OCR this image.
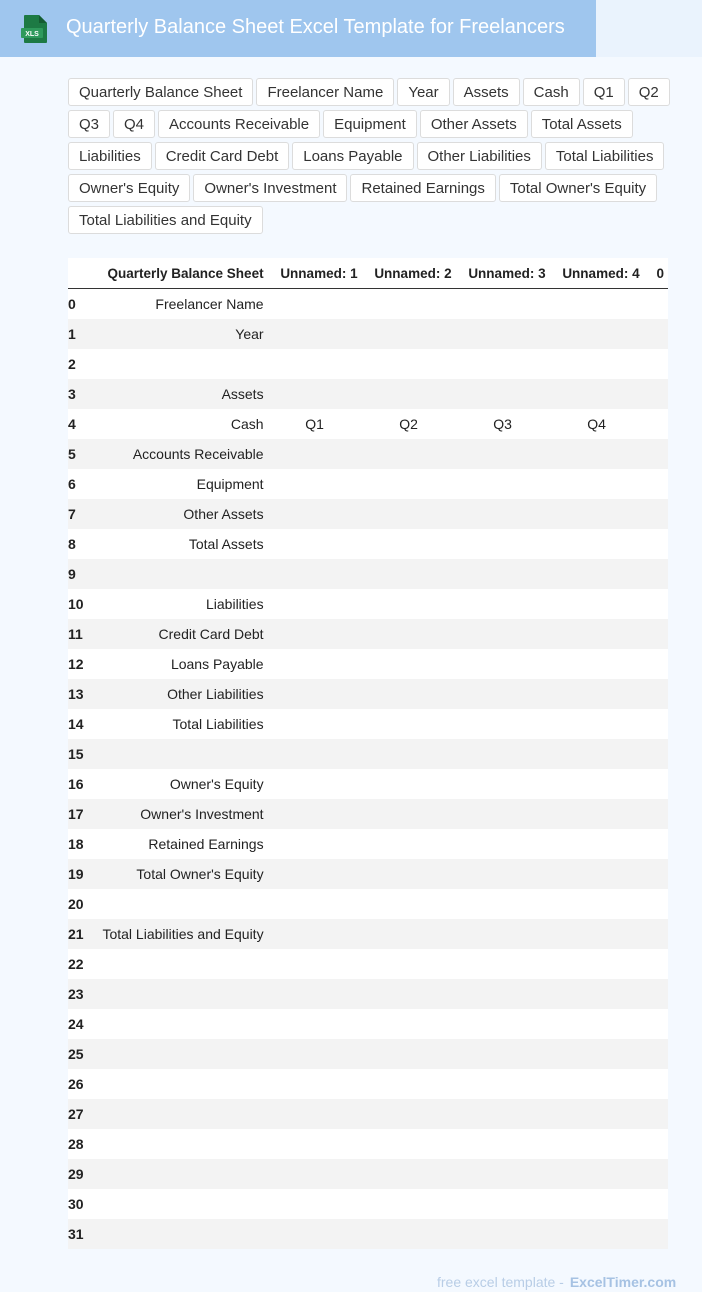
XLS Quarterly Balance Sheet Excel Template for Freelancers
Quarterly Balance Sheet	Freelancer Name	Year	Assets	Cash	Q1	Q2
Q3	Q4	Accounts Receivable	Equipment	Other Assets	Total Assets
Liabilities	Credit Card Debt	Loans Payable	Other Liabilities	Total Liabilities
Owner's Equity	Owner's Investment	Retained Earnings	Total Owner's Equity
Total Liabilities and Equity
	Quarterly Balance Sheet	Unnamed: 1	Unnamed: 2	Unnamed: 3	Unnamed: 4	0
0	Freelancer Name					
1	Year					
2						
3	Assets					
4	Cash	Q1	Q2	Q3	Q4	
5	Accounts Receivable					
6	Equipment					
7	Other Assets					
8	Total Assets					
9						
10	Liabilities					
11	Credit Card Debt					
12	Loans Payable					
13	Other Liabilities					
14	Total Liabilities					
15						
16	Owner's Equity					
17	Owner's Investment					
18	Retained Earnings					
19	Total Owner's Equity					
20						
21	Total Liabilities and Equity					
22						
23						
24						
25						
26						
27						
28						
29						
30						
31						
free excel template - ExcelTimer.com
